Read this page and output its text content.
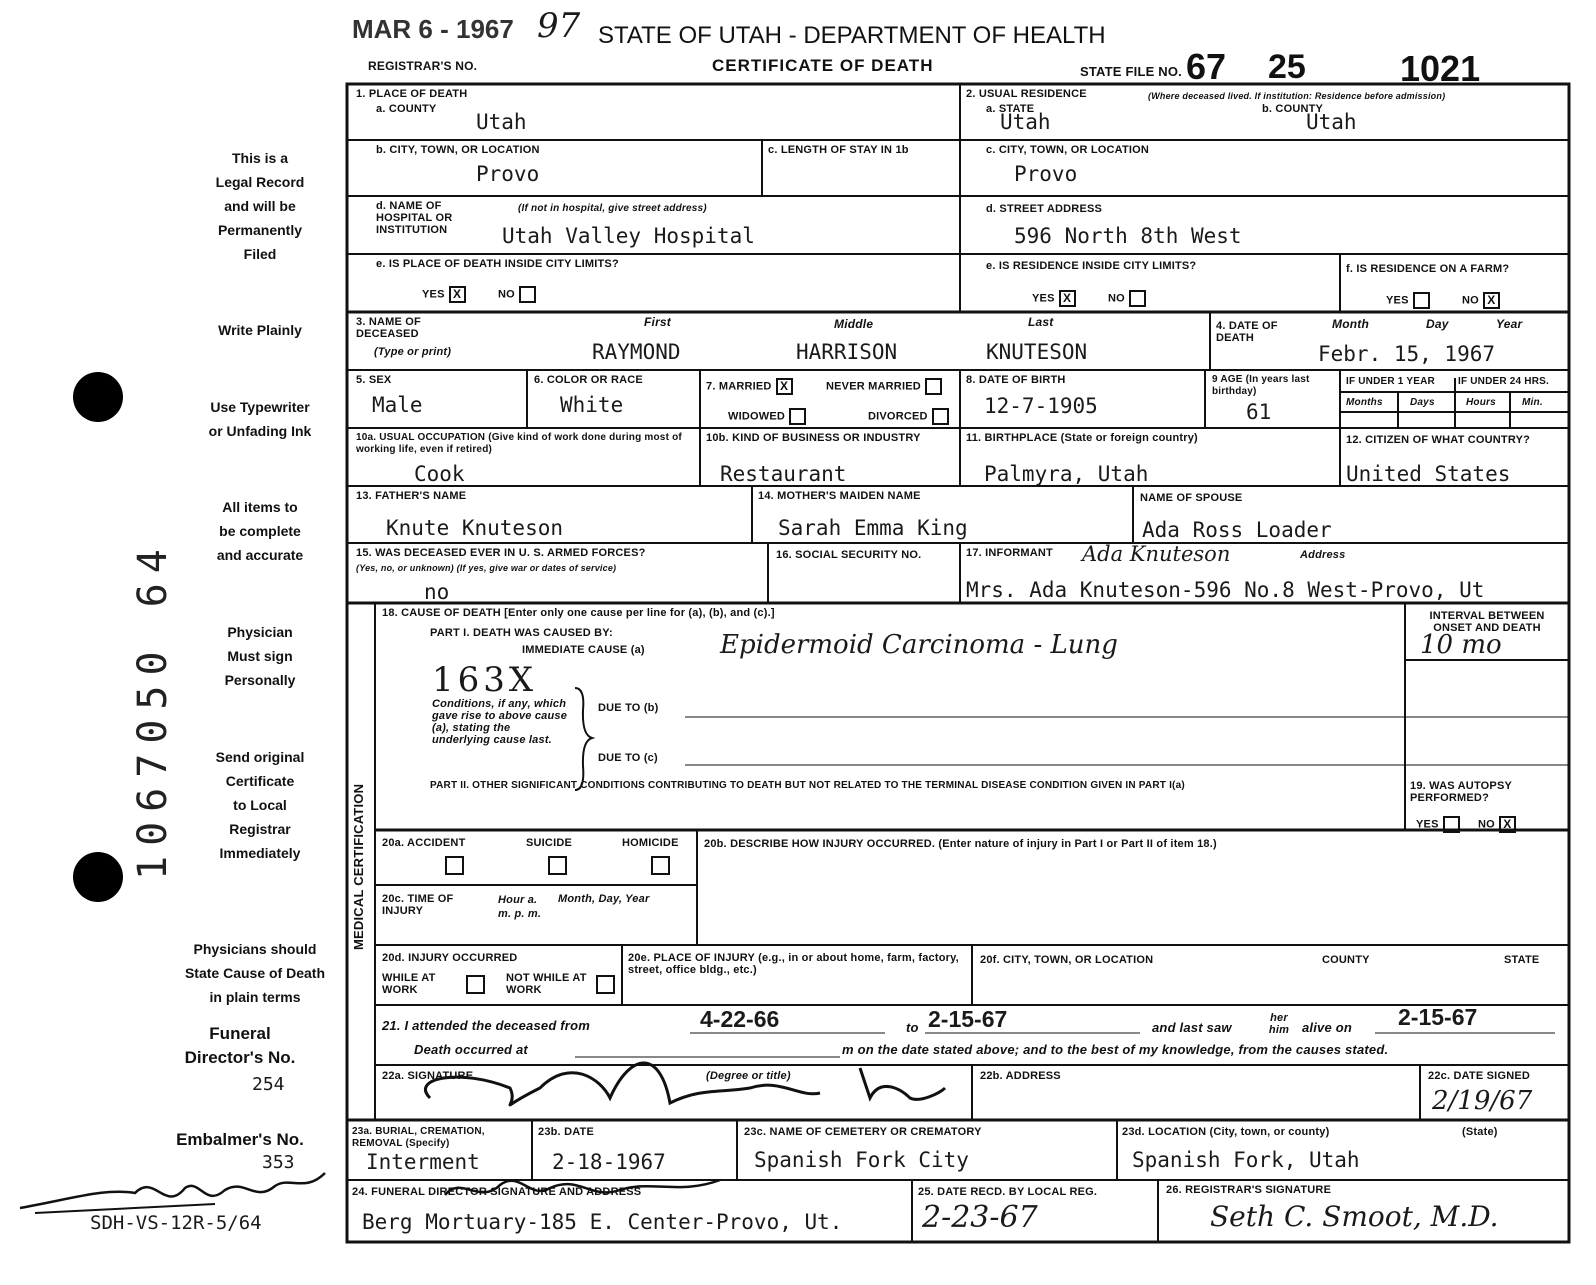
1067050 64
MAR 6 - 1967 97 STATE OF UTAH - DEPARTMENT OF HEALTH
REGISTRAR'S NO.	CERTIFICATE OF DEATH	STATE FILE NO. 67 25	1021
This is a
Legal Record
and will be
Permanently
Filed
Write Plainly
Use Typewriter
or Unfading Ink
All items to
be complete
and accurate
Physician
Must sign
Personally
Send original
Certificate
to Local
Registrar
Immediately
Physicians should
State Cause of Death
in plain terms
Funeral
Director's No.
254
Embalmer's No.
353
SDH-VS-12R-5/64
MEDICAL CERTIFICATION
1. PLACE OF DEATH
a. COUNTY
Utah
2. USUAL RESIDENCE	(Where deceased lived. If institution: Residence before admission)
a. STATE	b. COUNTY
Utah	Utah
b. CITY, TOWN, OR LOCATION
Provo
c. LENGTH OF STAY IN 1b	c. CITY, TOWN, OR LOCATION
Provo
d. NAME OF HOSPITAL OR INSTITUTION
(If not in hospital, give street address)
Utah Valley Hospital
d. STREET ADDRESS
596 North 8th West
e. IS PLACE OF DEATH INSIDE CITY LIMITS?
YES X	NO
e. IS RESIDENCE INSIDE CITY LIMITS?
YES X	NO
f. IS RESIDENCE ON A FARM?
YES	NO X
3. NAME OF DECEASED
(Type or print)
First	Middle	Last
RAYMOND	HARRISON	KNUTESON
4. DATE OF DEATH
Month	Day	Year
Febr. 15, 1967
5. SEX
Male
6. COLOR OR RACE
White
7. MARRIED X	NEVER MARRIED
WIDOWED	DIVORCED
8. DATE OF BIRTH
12-7-1905
9 AGE (In years last birthday)
61
IF UNDER 1 YEAR IF UNDER 24 HRS.
Months	Days	Hours	Min.
10a. USUAL OCCUPATION (Give kind of work done during most of working life, even if retired)
Cook
10b. KIND OF BUSINESS OR INDUSTRY
Restaurant
11. BIRTHPLACE (State or foreign country)
Palmyra, Utah
12. CITIZEN OF WHAT COUNTRY?
United States
13. FATHER'S NAME
Knute Knuteson
14. MOTHER'S MAIDEN NAME
Sarah Emma King
NAME OF SPOUSE
Ada Ross Loader
15. WAS DECEASED EVER IN U. S. ARMED FORCES?
(Yes, no, or unknown) (If yes, give war or dates of service)
no
16. SOCIAL SECURITY NO.	17. INFORMANT	Address
Ada Knuteson
Mrs. Ada Knuteson-596 No.8 West-Provo, Ut
18. CAUSE OF DEATH [Enter only one cause per line for (a), (b), and (c).]
PART I. DEATH WAS CAUSED BY:
IMMEDIATE CAUSE (a)	Epidermoid Carcinoma - Lung
INTERVAL BETWEEN ONSET AND DEATH
10 mo
163X
Conditions, if any, which gave rise to above cause (a), stating the underlying cause last.
DUE TO (b)
DUE TO (c)
PART II. OTHER SIGNIFICANT CONDITIONS CONTRIBUTING TO DEATH BUT NOT RELATED TO THE TERMINAL DISEASE CONDITION GIVEN IN PART I(a)	19. WAS AUTOPSY PERFORMED?
YES	NO X
20a. ACCIDENT	SUICIDE	HOMICIDE 20b. DESCRIBE HOW INJURY OCCURRED. (Enter nature of injury in Part I or Part II of item 18.)
20c. TIME OF INJURY
Hour a. m. p. m.
Month, Day, Year
20d. INJURY OCCURRED
WHILE AT WORK
NOT WHILE AT WORK
20e. PLACE OF INJURY (e.g., in or about home, farm, factory, street, office bldg., etc.)
20f. CITY, TOWN, OR LOCATION	COUNTY	STATE
21. I attended the deceased from	4-22-66	to 2-15-67	and last saw
her him alive on 2-15-67
Death occurred at	m on the date stated above; and to the best of my knowledge, from the causes stated.
22a. SIGNATURE	(Degree or title)	22b. ADDRESS	22c. DATE SIGNED
2/19/67
23a. BURIAL, CREMATION, REMOVAL (Specify)
Interment
23b. DATE
2-18-1967
23c. NAME OF CEMETERY OR CREMATORY
Spanish Fork City
23d. LOCATION (City, town, or county)	(State)
Spanish Fork, Utah
24. FUNERAL DIRECTOR SIGNATURE AND ADDRESS
Berg Mortuary-185 E. Center-Provo, Ut.
25. DATE RECD. BY LOCAL REG.
2-23-67
26. REGISTRAR'S SIGNATURE
Seth C. Smoot, M.D.
